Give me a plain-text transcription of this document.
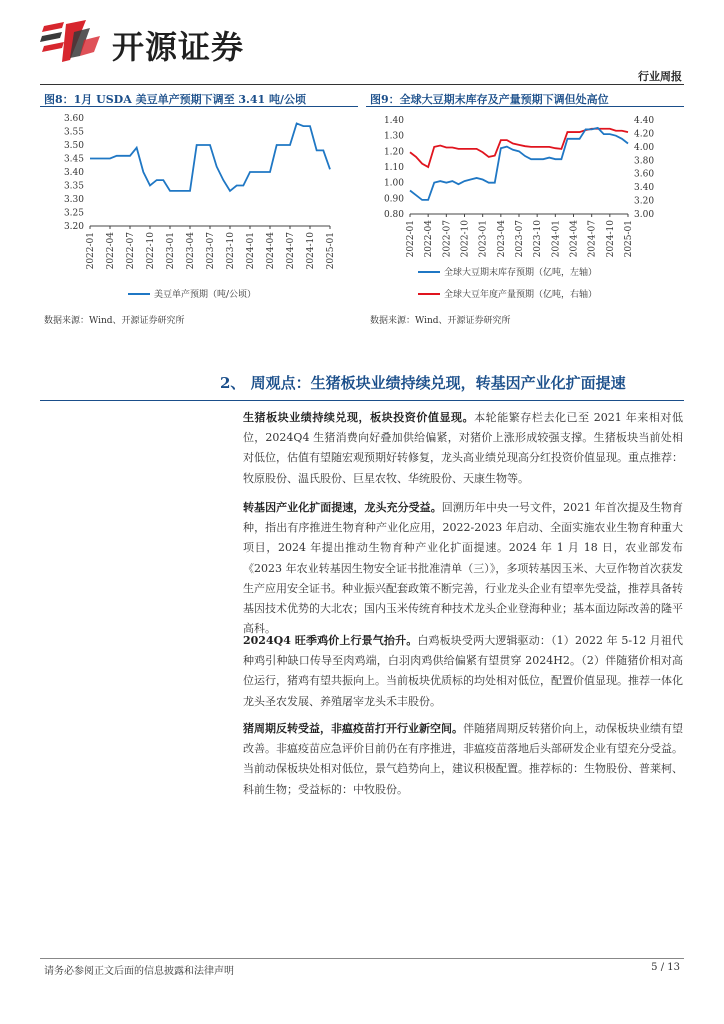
开源证券
行业周报
图8：1月 USDA 美豆单产预期下调至 3.41 吨/公顷
3.20
3.25
3.30
3.35
3.40
3.45
3.50
3.55
3.60
2022-01 2022-04 2022-07 2022-10 2023-01 2023-04 2023-07 2023-10 2024-01 2024-04 2024-07 2024-10 2025-01
美豆单产预期（吨/公顷）
数据来源：Wind、开源证券研究所
图9：全球大豆期末库存及产量预期下调但处高位
0.80
0.90
1.00
1.10
1.20
1.30
1.40
3.00
3.20
3.40
3.60
3.80
4.00
4.20
4.40
2022-01 2022-04 2022-07 2022-10 2023-01 2023-04 2023-07 2023-10 2024-01 2024-04 2024-07 2024-10 2025-01
全球大豆期末库存预期（亿吨，左轴）
全球大豆年度产量预期（亿吨，右轴）
数据来源：Wind、开源证券研究所
2、 周观点：生猪板块业绩持续兑现，转基因产业化扩面提速
生猪板块业绩持续兑现，板块投资价值显现。本轮能繁存栏去化已至 2021 年来相对低位，2024Q4 生猪消费向好叠加供给偏紧，对猪价上涨形成较强支撑。生猪板块当前处相对低位，估值有望随宏观预期好转修复，龙头高业绩兑现高分红投资价值显现。重点推荐：牧原股份、温氏股份、巨星农牧、华统股份、天康生物等。
转基因产业化扩面提速，龙头充分受益。回溯历年中央一号文件，2021 年首次提及生物育种，指出有序推进生物育种产业化应用，2022-2023 年启动、全面实施农业生物育种重大项目，2024 年提出推动生物育种产业化扩面提速。2024 年 1 月 18 日，农业部发布《2023 年农业转基因生物安全证书批准清单（三）》，多项转基因玉米、大豆作物首次获发生产应用安全证书。种业振兴配套政策不断完善，行业龙头企业有望率先受益，推荐具备转基因技术优势的大北农；国内玉米传统育种技术龙头企业登海种业；基本面边际改善的隆平高科。
2024Q4 旺季鸡价上行景气抬升。白鸡板块受两大逻辑驱动：（1）2022 年 5-12 月祖代种鸡引种缺口传导至肉鸡端，白羽肉鸡供给偏紧有望贯穿 2024H2。（2）伴随猪价相对高位运行，猪鸡有望共振向上。当前板块优质标的均处相对低位，配置价值显现。推荐一体化龙头圣农发展、养殖屠宰龙头禾丰股份。
猪周期反转受益，非瘟疫苗打开行业新空间。伴随猪周期反转猪价向上，动保板块业绩有望改善。非瘟疫苗应急评价目前仍在有序推进，非瘟疫苗落地后头部研发企业有望充分受益。当前动保板块处相对低位，景气趋势向上，建议积极配置。推荐标的：生物股份、普莱柯、科前生物；受益标的：中牧股份。
请务必参阅正文后面的信息披露和法律声明	5 / 13
